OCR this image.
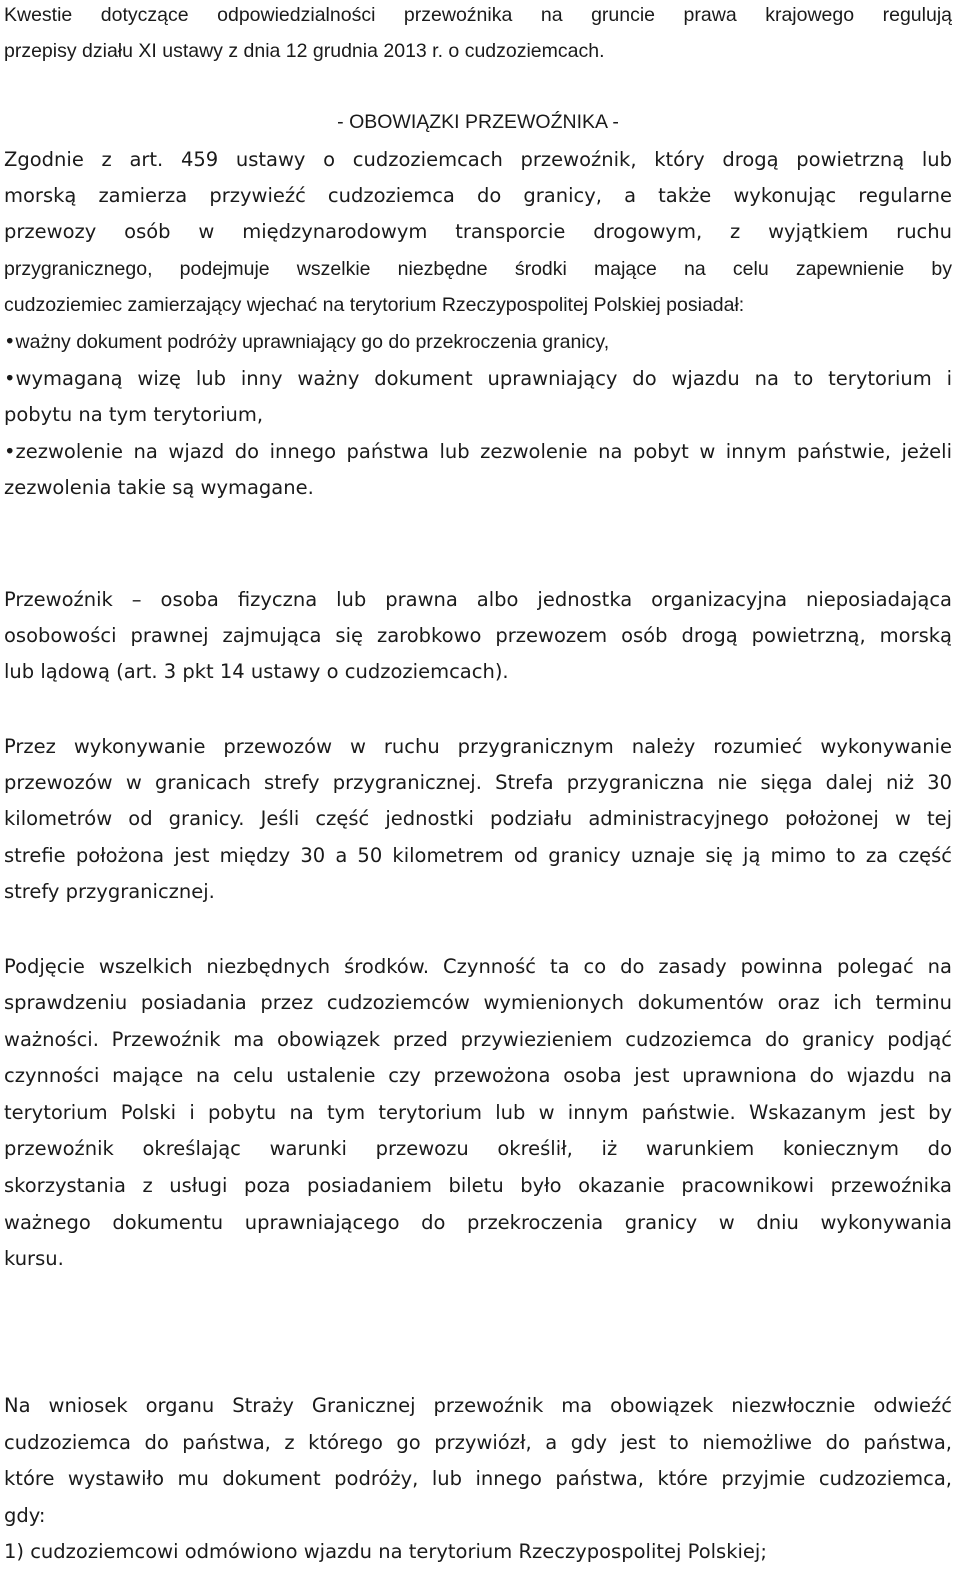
Kwestie dotyczące odpowiedzialności przewoźnika na gruncie prawa krajowego regulują
przepisy działu XI ustawy z dnia 12 grudnia 2013 r. o cudzoziemcach.
- OBOWIĄZKI PRZEWOŹNIKA -
Zgodnie z art. 459 ustawy o cudzoziemcach przewoźnik, który drogą powietrzną lub
morską zamierza przywieźć cudzoziemca do granicy, a także wykonując regularne
przewozy osób w międzynarodowym transporcie drogowym, z wyjątkiem ruchu
przygranicznego, podejmuje wszelkie niezbędne środki mające na celu zapewnienie by
cudzoziemiec zamierzający wjechać na terytorium Rzeczypospolitej Polskiej posiadał:
•ważny dokument podróży uprawniający go do przekroczenia granicy,
•wymaganą wizę lub inny ważny dokument uprawniający do wjazdu na to terytorium i
pobytu na tym terytorium,
•zezwolenie na wjazd do innego państwa lub zezwolenie na pobyt w innym państwie, jeżeli
zezwolenia takie są wymagane.
Przewoźnik – osoba fizyczna lub prawna albo jednostka organizacyjna nieposiadająca
osobowości prawnej zajmująca się zarobkowo przewozem osób drogą powietrzną, morską
lub lądową (art. 3 pkt 14 ustawy o cudzoziemcach).
Przez wykonywanie przewozów w ruchu przygranicznym należy rozumieć wykonywanie
przewozów w granicach strefy przygranicznej. Strefa przygraniczna nie sięga dalej niż 30
kilometrów od granicy. Jeśli część jednostki podziału administracyjnego położonej w tej
strefie położona jest między 30 a 50 kilometrem od granicy uznaje się ją mimo to za część
strefy przygranicznej.
Podjęcie wszelkich niezbędnych środków. Czynność ta co do zasady powinna polegać na
sprawdzeniu posiadania przez cudzoziemców wymienionych dokumentów oraz ich terminu
ważności. Przewoźnik ma obowiązek przed przywiezieniem cudzoziemca do granicy podjąć
czynności mające na celu ustalenie czy przewożona osoba jest uprawniona do wjazdu na
terytorium Polski i pobytu na tym terytorium lub w innym państwie. Wskazanym jest by
przewoźnik określając warunki przewozu określił, iż warunkiem koniecznym do
skorzystania z usługi poza posiadaniem biletu było okazanie pracownikowi przewoźnika
ważnego dokumentu uprawniającego do przekroczenia granicy w dniu wykonywania
kursu.
Na wniosek organu Straży Granicznej przewoźnik ma obowiązek niezwłocznie odwieźć
cudzoziemca do państwa, z którego go przywiózł, a gdy jest to niemożliwe do państwa,
które wystawiło mu dokument podróży, lub innego państwa, które przyjmie cudzoziemca,
gdy:
1) cudzoziemcowi odmówiono wjazdu na terytorium Rzeczypospolitej Polskiej;
